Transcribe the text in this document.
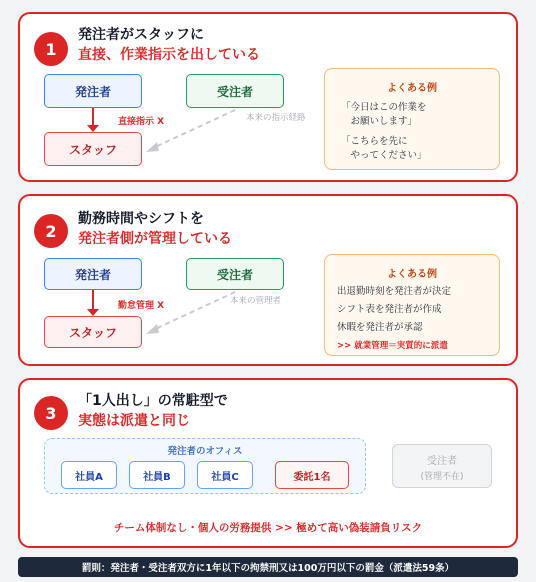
1
発注者がスタッフに
直接、作業指示を出している
発注者	受注者
スタッフ
直接指示 X	本来の指示経路
よくある例
「今日はこの作業を
　お願いします」
「こちらを先に
　やってください」
2
勤務時間やシフトを
発注者側が管理している
発注者	受注者
スタッフ
勤怠管理 X	本来の管理者
よくある例
出退勤時刻を発注者が決定
シフト表を発注者が作成
休暇を発注者が承認
>> 就業管理＝実質的に派遣
3
「1人出し」の常駐型で
実態は派遣と同じ
発注者のオフィス
社員A	社員B	社員C	委託1名
受注者
(管理不在)
チーム体制なし・個人の労務提供 >> 極めて高い偽装請負リスク
罰則：発注者・受注者双方に1年以下の拘禁刑又は100万円以下の罰金（派遣法59条）
